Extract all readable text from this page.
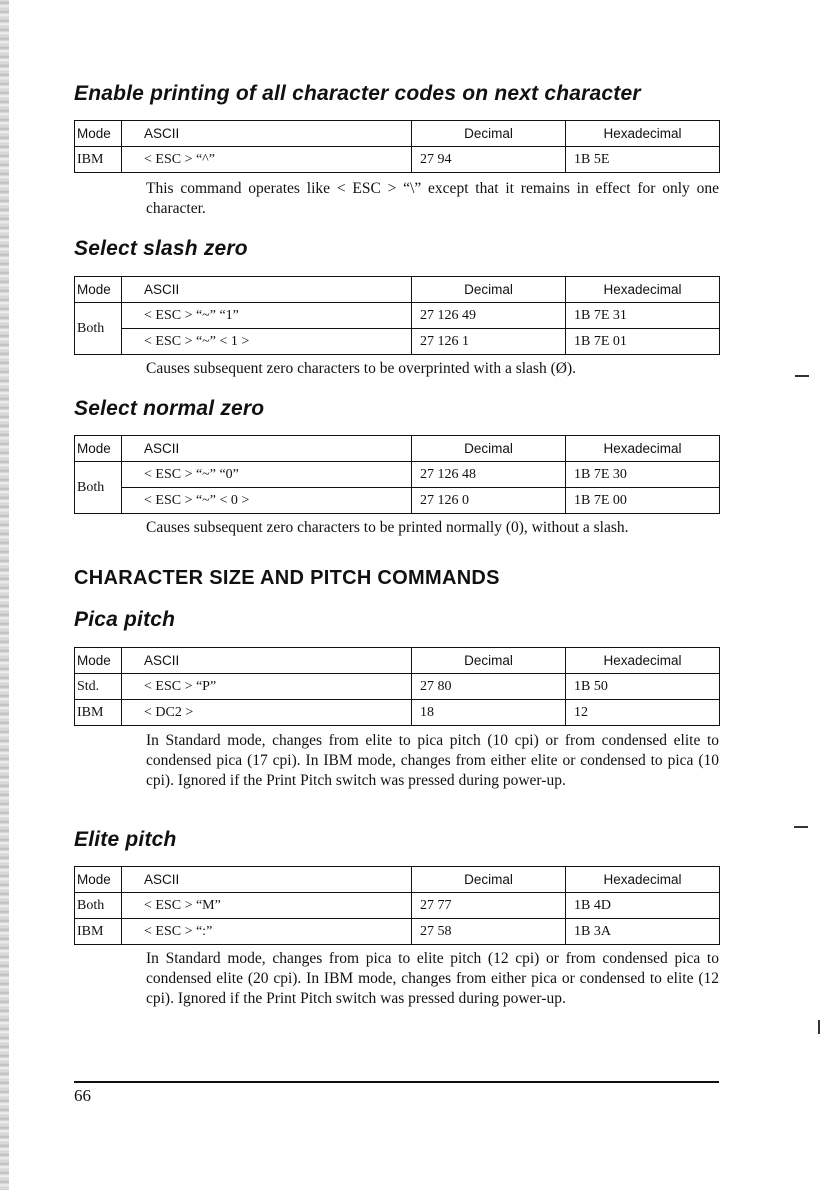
Enable printing of all character codes on next character
Mode	ASCII	Decimal	Hexadecimal
IBM	< ESC > “^”	27 94	1B 5E

This command operates like < ESC > “\” except that it remains in effect for only one character.

Select slash zero
Mode	ASCII	Decimal	Hexadecimal
Both	< ESC > “~” “1”	27 126 49	1B 7E 31
	< ESC > “~” < 1 >	27 126 1	1B 7E 01

Causes subsequent zero characters to be overprinted with a slash (Ø).

Select normal zero
Mode	ASCII	Decimal	Hexadecimal
Both	< ESC > “~” “0”	27 126 48	1B 7E 30
	< ESC > “~” < 0 >	27 126 0	1B 7E 00

Causes subsequent zero characters to be printed normally (0), without a slash.

CHARACTER SIZE AND PITCH COMMANDS
Pica pitch
Mode	ASCII	Decimal	Hexadecimal
Std.	< ESC > “P”	27 80	1B 50
IBM	< DC2 >	18	12

In Standard mode, changes from elite to pica pitch (10 cpi) or from condensed elite to condensed pica (17 cpi). In IBM mode, changes from either elite or condensed to pica (10 cpi). Ignored if the Print Pitch switch was pressed during power-up.

Elite pitch
Mode	ASCII	Decimal	Hexadecimal
Both	< ESC > “M”	27 77	1B 4D
IBM	< ESC > “:”	27 58	1B 3A

In Standard mode, changes from pica to elite pitch (12 cpi) or from condensed pica to condensed elite (20 cpi). In IBM mode, changes from either pica or condensed to elite (12 cpi). Ignored if the Print Pitch switch was pressed during power-up.

66
